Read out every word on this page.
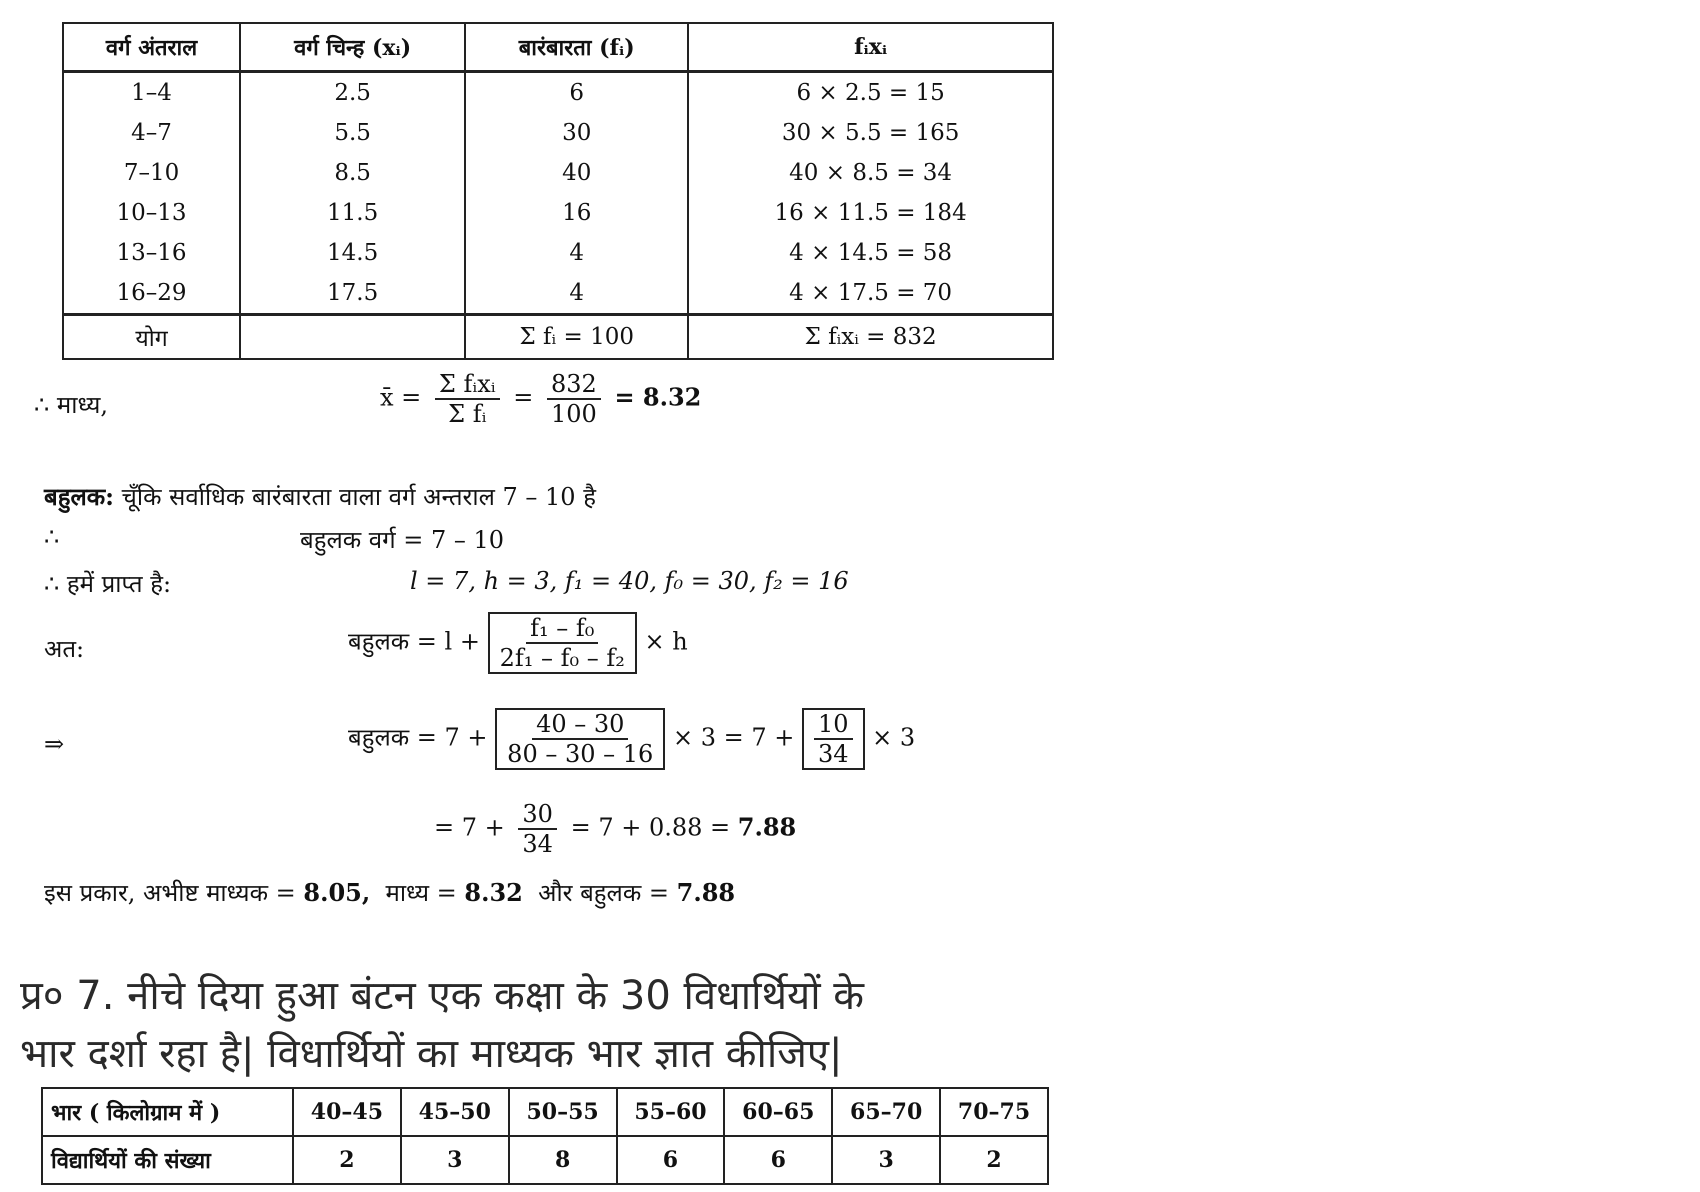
वर्ग अंतराल	वर्ग चिन्ह (xᵢ)	बारंबारता (fᵢ)	fᵢxᵢ
1–4	2.5	6	6 × 2.5 = 15
4–7	5.5	30	30 × 5.5 = 165
7–10	8.5	40	40 × 8.5 = 34
10–13	11.5	16	16 × 11.5 = 184
13–16	14.5	4	4 × 14.5 = 58
16–29	17.5	4	4 × 17.5 = 70
योग		Σ fᵢ = 100	Σ fᵢxᵢ = 832
∴ माध्य,	x̄ = $\frac{\text{Σ fᵢxᵢ}}{\text{Σ fᵢ}} = \frac{832}{100} = 8.32$
बहुलक: चूँकि सर्वाधिक बारंबारता वाला वर्ग अन्तराल 7 – 10 है
∴	बहुलक वर्ग = 7 – 10
∴ हमें प्राप्त है:	l = 7, h = 3, f₁ = 40, f₀ = 30, f₂ = 16
अत:	बहुलक = $l + \frac{\text{f₁ – f₀}}{\text{2f₁ – f₀ – f₂}} \times h$
⇒	बहुलक = $7 + \frac{40 - 30}{80 - 30 - 16} \times 3 = 7 + \frac{10}{34} \times 3$
= $7 + \frac{30}{34} = 7 + 0.88 = 7.88$
इस प्रकार, अभीष्ट माध्यक = 8.05, माध्य = 8.32 और बहुलक = 7.88
प्र० 7. नीचे दिया हुआ बंटन एक कक्षा के 30 विधार्थियों के
भार दर्शा रहा है| विधार्थियों का माध्यक भार ज्ञात कीजिए|
भार ( किलोग्राम में )	40–45	45–50	50–55	55–60	60–65	65–70	70–75
विद्यार्थियों की संख्या	2	3	8	6	6	3	2
